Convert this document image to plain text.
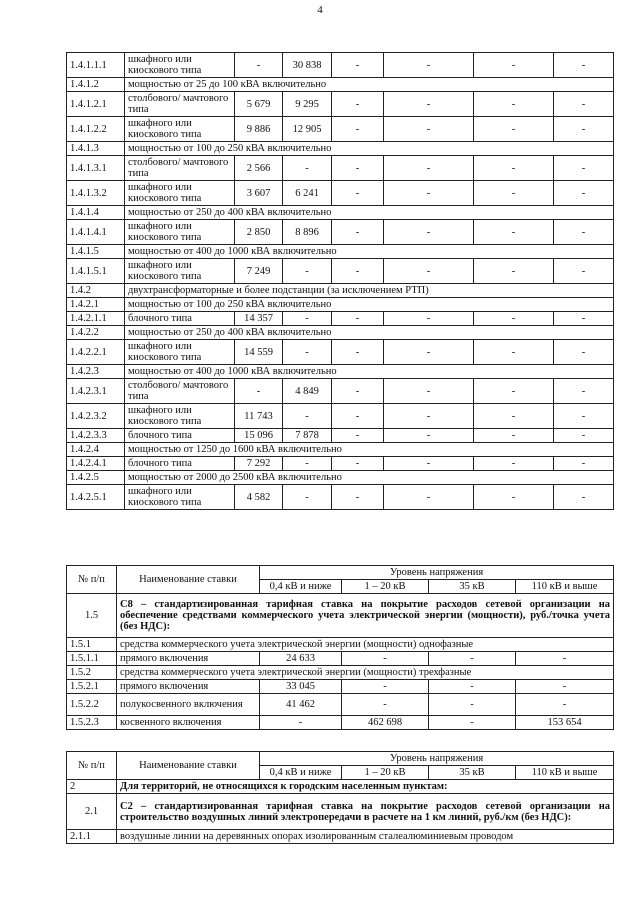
4
1.4.1.1.1	шкафного или киоскового типа	-	30 838	-	-	-	-
1.4.1.2	мощностью от 25 до 100 кВА включительно						
1.4.1.2.1	столбового/ мачтового типа	5 679	9 295	-	-	-	-
1.4.1.2.2	шкафного или киоскового типа	9 886	12 905	-	-	-	-
1.4.1.3	мощностью от 100 до 250 кВА включительно						
1.4.1.3.1	столбового/ мачтового типа	2 566	-	-	-	-	-
1.4.1.3.2	шкафного или киоскового типа	3 607	6 241	-	-	-	-
1.4.1.4	мощностью от 250 до 400 кВА включительно						
1.4.1.4.1	шкафного или киоскового типа	2 850	8 896	-	-	-	-
1.4.1.5	мощностью от 400 до 1000 кВА включительно						
1.4.1.5.1	шкафного или киоскового типа	7 249	-	-	-	-	-
1.4.2	двухтрансформаторные и более подстанции (за исключением РТП)						
1.4.2.1	мощностью от 100 до 250 кВА включительно						
1.4.2.1.1	блочного типа	14 357	-	-	-	-	-
1.4.2.2	мощностью от 250 до 400 кВА включительно						
1.4.2.2.1	шкафного или киоскового типа	14 559	-	-	-	-	-
1.4.2.3	мощностью от 400 до 1000 кВА включительно						
1.4.2.3.1	столбового/ мачтового типа	-	4 849	-	-	-	-
1.4.2.3.2	шкафного или киоскового типа	11 743	-	-	-	-	-
1.4.2.3.3	блочного типа	15 096	7 878	-	-	-	-
1.4.2.4	мощностью от 1250 до 1600 кВА включительно						
1.4.2.4.1	блочного типа	7 292	-	-	-	-	-
1.4.2.5	мощностью от 2000 до 2500 кВА включительно						
1.4.2.5.1	шкафного или киоскового типа	4 582	-	-	-	-	-
№ п/п	Наименование ставки	Уровень напряжения			
		0,4 кВ и ниже	1 – 20 кВ	35 кВ	110 кВ и выше
1.5	С8 – стандартизированная тарифная ставка на покрытие расходов сетевой организации на обеспечение средствами коммерческого учета электрической энергии (мощности), руб./точка учета (без НДС):				
1.5.1	средства коммерческого учета электрической энергии (мощности) однофазные				
1.5.1.1	прямого включения	24 633	-	-	-
1.5.2	средства коммерческого учета электрической энергии (мощности) трехфазные				
1.5.2.1	прямого включения	33 045	-	-	-
1.5.2.2	полукосвенного включения	41 462	-	-	-
1.5.2.3	косвенного включения	-	462 698	-	153 654
№ п/п	Наименование ставки	Уровень напряжения			
		0,4 кВ и ниже	1 – 20 кВ	35 кВ	110 кВ и выше
2	Для территорий, не относящихся к городским населенным пунктам:				
2.1	С2 – стандартизированная тарифная ставка на покрытие расходов сетевой организации на строительство воздушных линий электропередачи в расчете на 1 км линий, руб./км (без НДС):				
2.1.1	воздушные линии на деревянных опорах изолированным сталеалюминиевым проводом				
